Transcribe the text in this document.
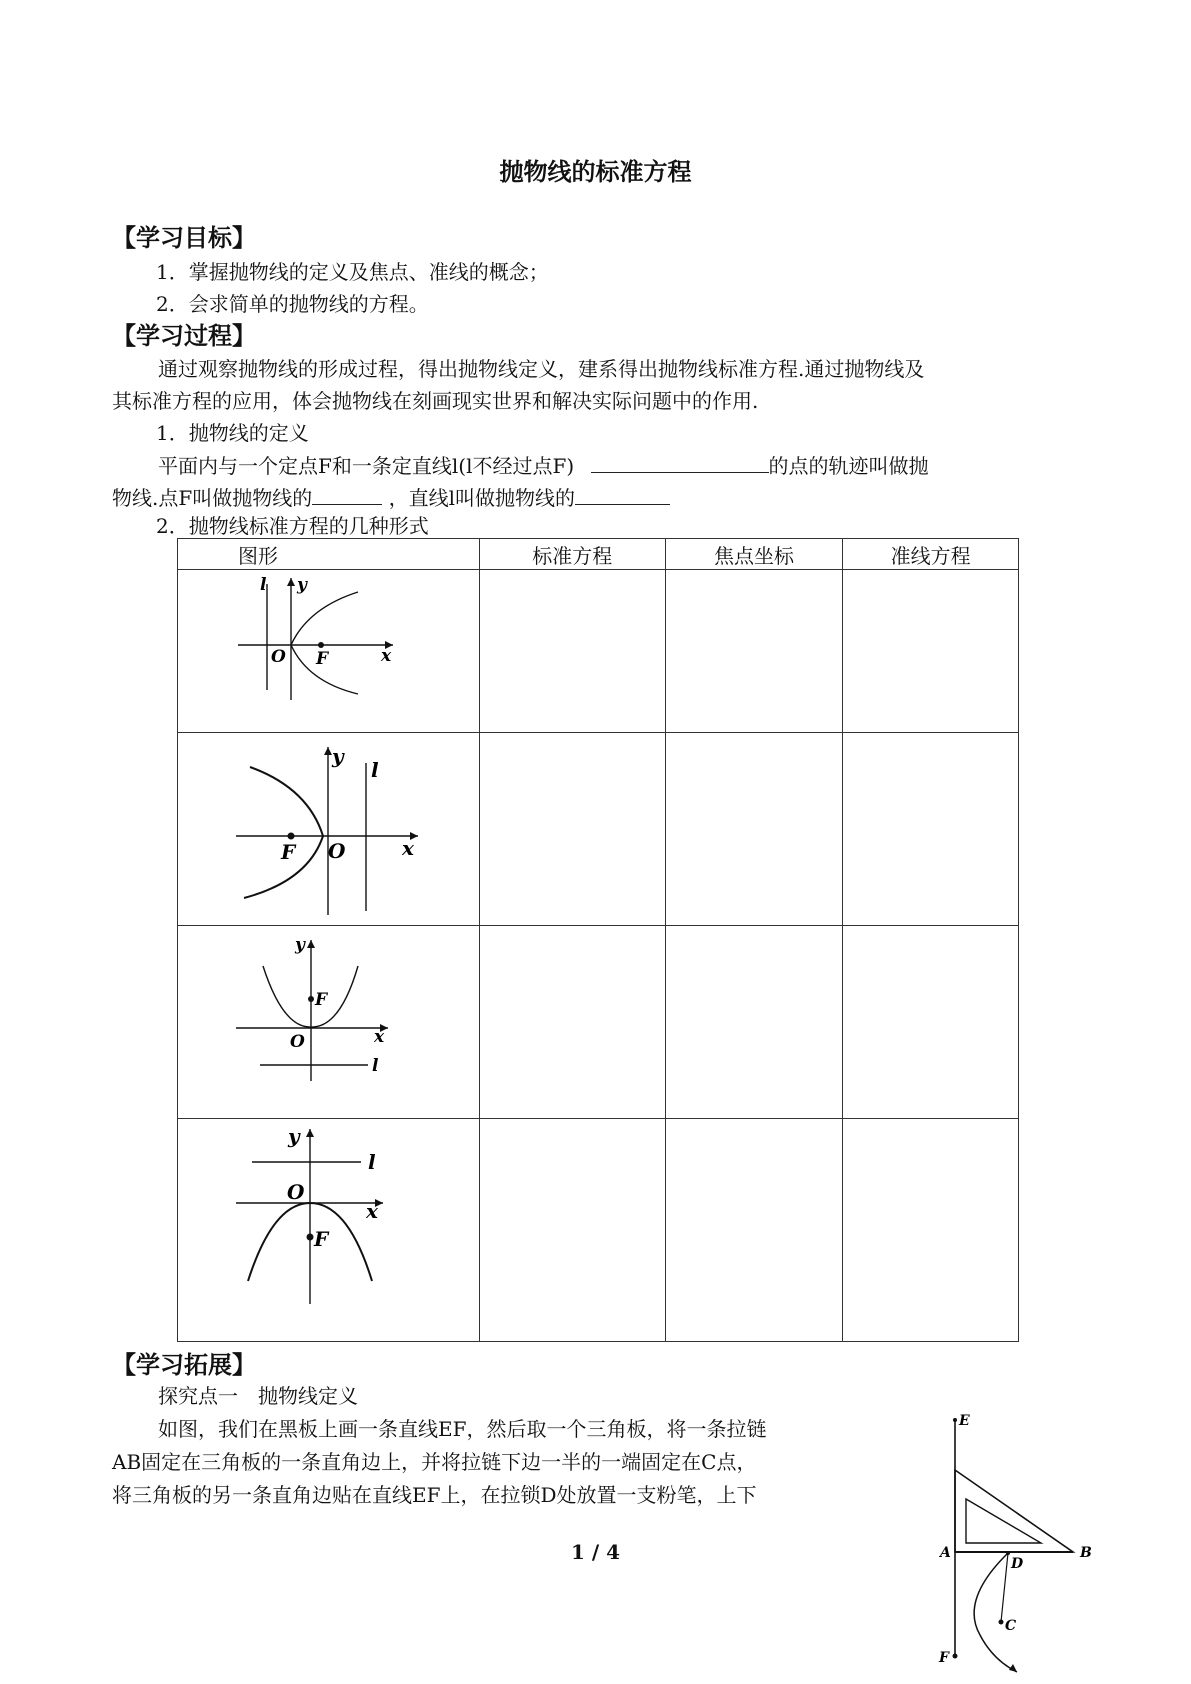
抛物线的标准方程
【学习目标】
1．掌握抛物线的定义及焦点、准线的概念；
2．会求简单的抛物线的方程。
【学习过程】
通过观察抛物线的形成过程，得出抛物线定义，建系得出抛物线标准方程.通过抛物线及
其标准方程的应用，体会抛物线在刻画现实世界和解决实际问题中的作用.
1．抛物线的定义
平面内与一个定点F和一条定直线l(l不经过点F)	的点的轨迹叫做抛
物线.点F叫做抛物线的	，直线l叫做抛物线的
2．抛物线标准方程的几种形式
图形	标准方程	焦点坐标	准线方程

l y
O F x			

y
l
F O x			

y
F
O x
l			

y
l
O
x
F			

【学习拓展】
探究点一　抛物线定义
如图，我们在黑板上画一条直线EF，然后取一个三角板，将一条拉链
AB固定在三角板的一条直角边上，并将拉链下边一半的一端固定在C点，
将三角板的另一条直角边贴在直线EF上，在拉锁D处放置一支粉笔，上下
E
A	B
D
C
F
1 / 4
